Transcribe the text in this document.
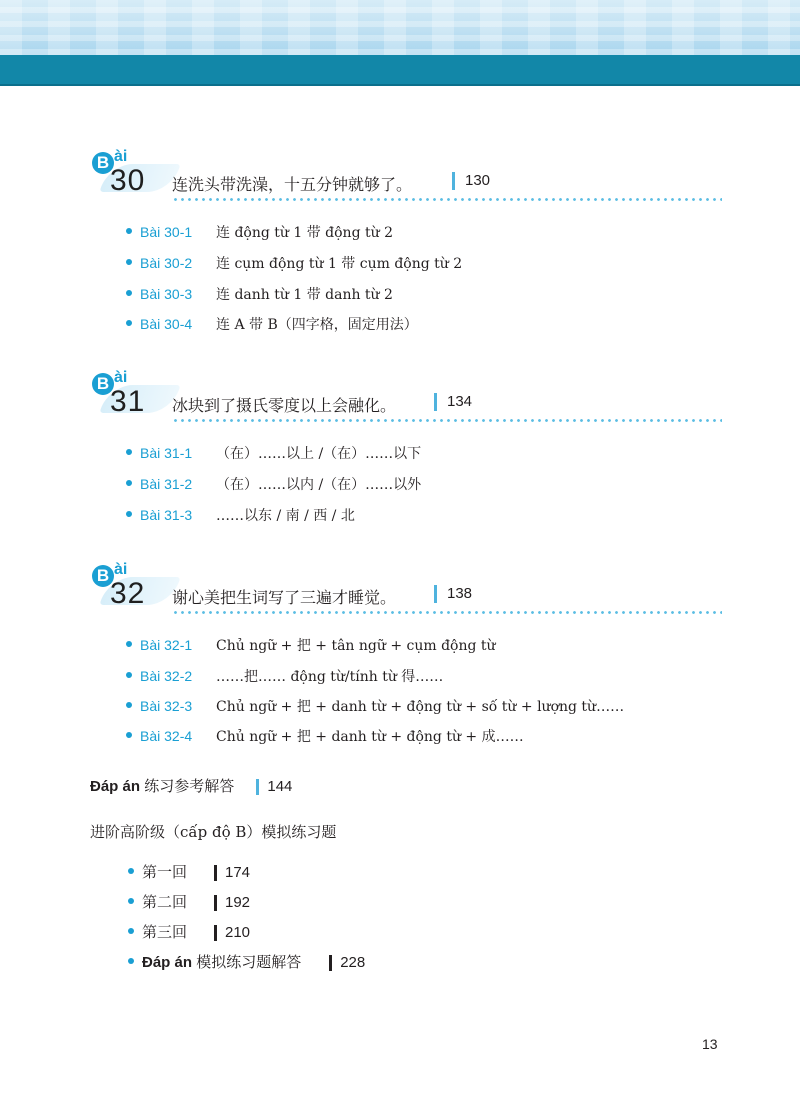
B ài
30 连洗头带洗澡，十五分钟就够了。	130
Bài 30-1 连 động từ 1 带 động từ 2
Bài 30-2 连 cụm động từ 1 带 cụm động từ 2
Bài 30-3 连 danh từ 1 带 danh từ 2
Bài 30-4 连 A 带 B（四字格，固定用法）
B ài
31 冰块到了摄氏零度以上会融化。	134
Bài 31-1 （在）……以上 /（在）……以下
Bài 31-2 （在）……以内 /（在）……以外
Bài 31-3 ……以东 / 南 / 西 / 北
B ài
32 谢心美把生词写了三遍才睡觉。	138
Bài 32-1 Chủ ngữ + 把 + tân ngữ + cụm động từ
Bài 32-2 ……把…… động từ/tính từ 得……
Bài 32-3 Chủ ngữ + 把 + danh từ + động từ + số từ + lượng từ……
Bài 32-4 Chủ ngữ + 把 + danh từ + động từ + 成……
Đáp án 练习参考解答 144
进阶高阶级（cấp độ B）模拟练习题
第一回	174
第二回	192
第三回	210
Đáp án 模拟练习题解答	228
13
